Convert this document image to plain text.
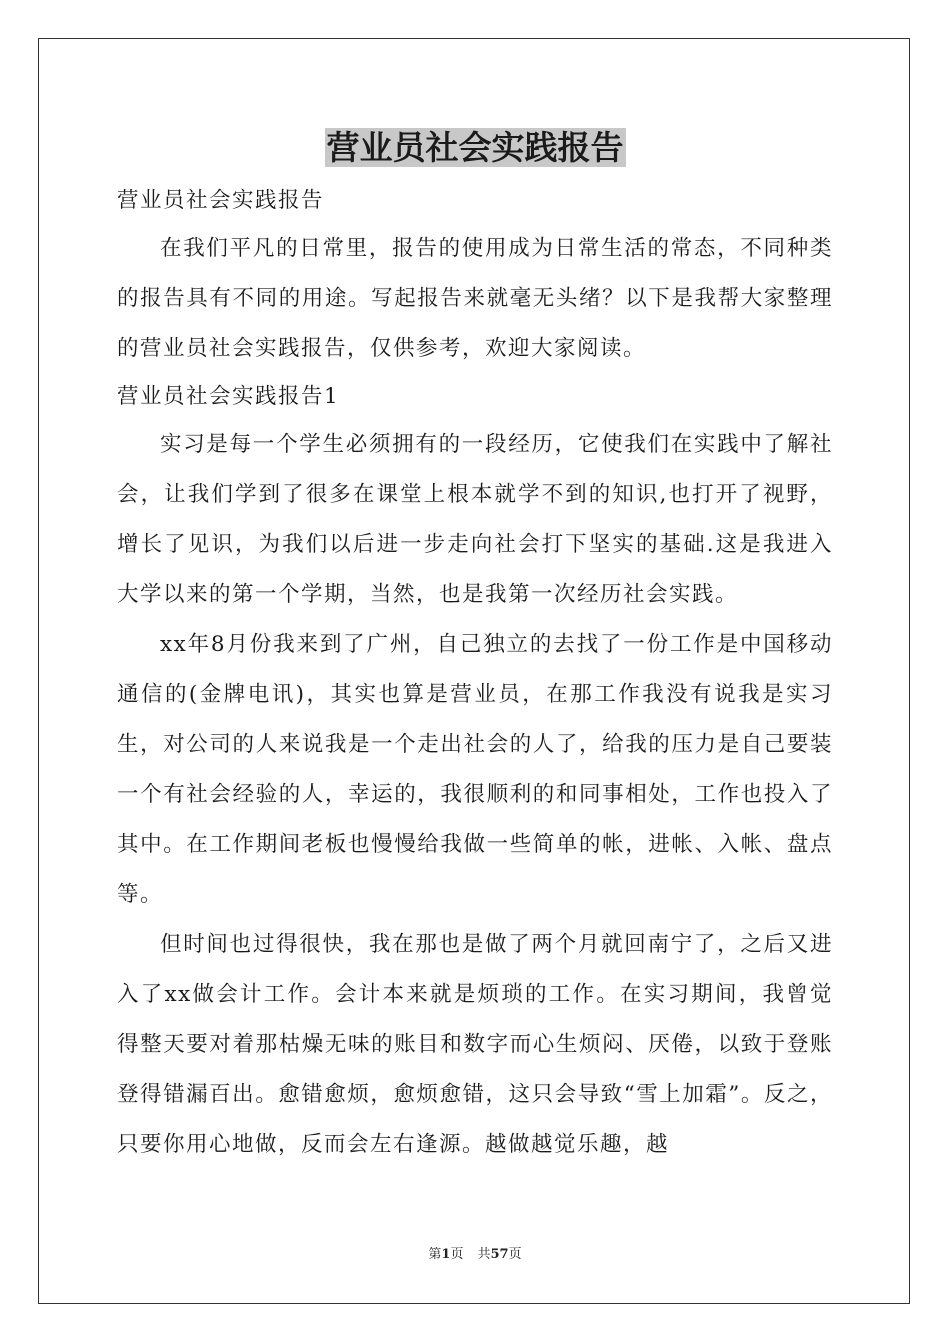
营业员社会实践报告

营业员社会实践报告

在我们平凡的日常里，报告的使用成为日常生活的常态，不同种类的报告具有不同的用途。写起报告来就毫无头绪？以下是我帮大家整理的营业员社会实践报告，仅供参考，欢迎大家阅读。

营业员社会实践报告1

实习是每一个学生必须拥有的一段经历，它使我们在实践中了解社会，让我们学到了很多在课堂上根本就学不到的知识,也打开了视野，增长了见识，为我们以后进一步走向社会打下坚实的基础.这是我进入大学以来的第一个学期，当然，也是我第一次经历社会实践。

xx年8月份我来到了广州，自己独立的去找了一份工作是中国移动通信的(金牌电讯)，其实也算是营业员，在那工作我没有说我是实习生，对公司的人来说我是一个走出社会的人了，给我的压力是自己要装一个有社会经验的人，幸运的，我很顺利的和同事相处，工作也投入了其中。在工作期间老板也慢慢给我做一些简单的帐，进帐、入帐、盘点等。

但时间也过得很快，我在那也是做了两个月就回南宁了，之后又进入了xx做会计工作。会计本来就是烦琐的工作。在实习期间，我曾觉得整天要对着那枯燥无味的账目和数字而心生烦闷、厌倦，以致于登账登得错漏百出。愈错愈烦，愈烦愈错，这只会导致“雪上加霜”。反之，只要你用心地做，反而会左右逢源。越做越觉乐趣，越

第1页 共57页
